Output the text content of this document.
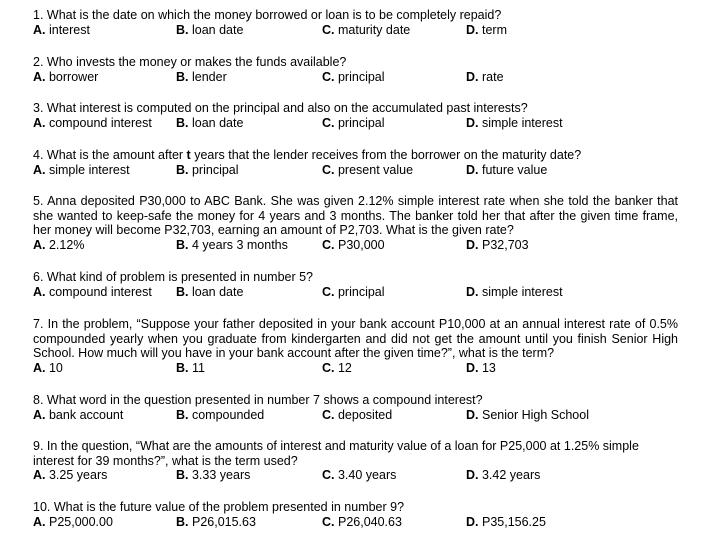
1. What is the date on which the money borrowed or loan is to be completely repaid?
A. interest	B. loan date	C. maturity date	D. term
2. Who invests the money or makes the funds available?
A. borrower	B. lender	C. principal	D. rate
3. What interest is computed on the principal and also on the accumulated past interests?
A. compound interest B. loan date	C. principal	D. simple interest
4. What is the amount after t years that the lender receives from the borrower on the maturity date?
A. simple interest	B. principal	C. present value	D. future value
5. Anna deposited P30,000 to ABC Bank. She was given 2.12% simple interest rate when she told the banker that she wanted to keep-safe the money for 4 years and 3 months. The banker told her that after the given time frame, her money will become P32,703, earning an amount of P2,703. What is the given rate?
A. 2.12%	B. 4 years 3 months	C. P30,000	D. P32,703
6. What kind of problem is presented in number 5?
A. compound interest B. loan date	C. principal	D. simple interest
7. In the problem, “Suppose your father deposited in your bank account P10,000 at an annual interest rate of 0.5% compounded yearly when you graduate from kindergarten and did not get the amount until you finish Senior High School. How much will you have in your bank account after the given time?”, what is the term?
A. 10	B. 11	C. 12	D. 13
8. What word in the question presented in number 7 shows a compound interest?
A. bank account	B. compounded	C. deposited	D. Senior High School
9. In the question, “What are the amounts of interest and maturity value of a loan for P25,000 at 1.25% simple interest for 39 months?”, what is the term used?
A. 3.25 years	B. 3.33 years	C. 3.40 years	D. 3.42 years
10. What is the future value of the problem presented in number 9?
A. P25,000.00	B. P26,015.63	C. P26,040.63	D. P35,156.25
